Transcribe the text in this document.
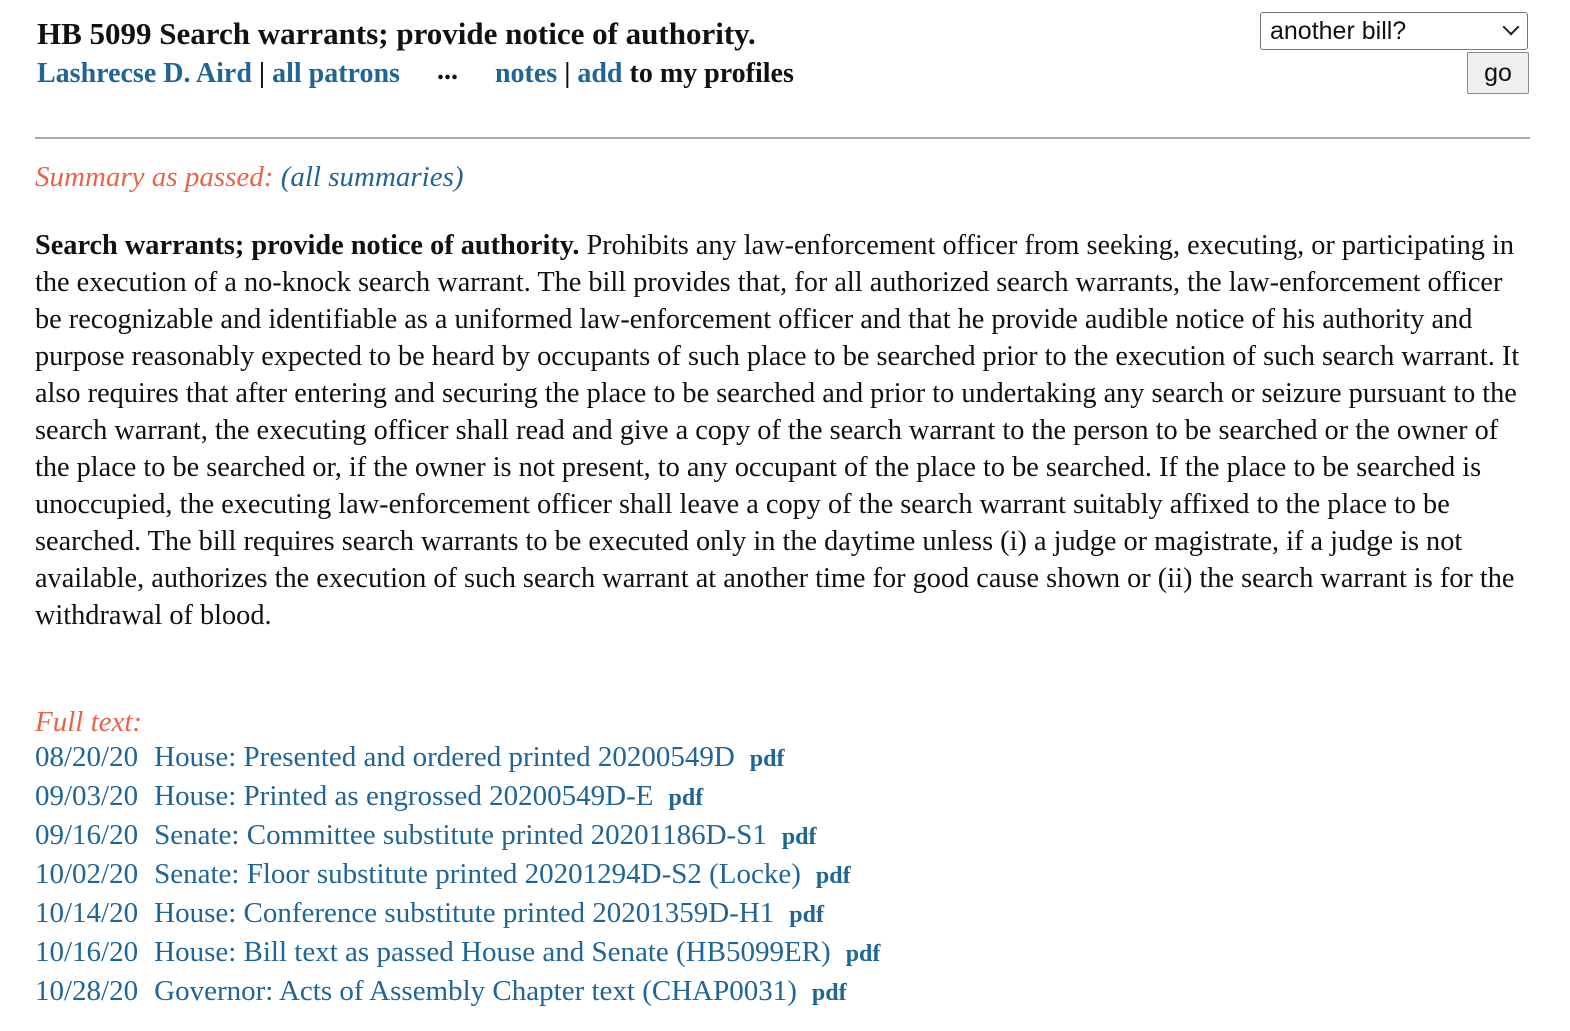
HB 5099 Search warrants; provide notice of authority.
Lashrecse D. Aird | all patrons ... notes | add to my profiles
another bill?
go
Summary as passed: (all summaries)

Search warrants; provide notice of authority. Prohibits any law-enforcement officer from seeking, executing, or participating in the execution of a no-knock search warrant. The bill provides that, for all authorized search warrants, the law-enforcement officer be recognizable and identifiable as a uniformed law-enforcement officer and that he provide audible notice of his authority and purpose reasonably expected to be heard by occupants of such place to be searched prior to the execution of such search warrant. It also requires that after entering and securing the place to be searched and prior to undertaking any search or seizure pursuant to the search warrant, the executing officer shall read and give a copy of the search warrant to the person to be searched or the owner of the place to be searched or, if the owner is not present, to any occupant of the place to be searched. If the place to be searched is unoccupied, the executing law-enforcement officer shall leave a copy of the search warrant suitably affixed to the place to be searched. The bill requires search warrants to be executed only in the daytime unless (i) a judge or magistrate, if a judge is not available, authorizes the execution of such search warrant at another time for good cause shown or (ii) the search warrant is for the withdrawal of blood.

Full text:
08/20/20 House: Presented and ordered printed 20200549D pdf
09/03/20 House: Printed as engrossed 20200549D-E pdf
09/16/20 Senate: Committee substitute printed 20201186D-S1 pdf
10/02/20 Senate: Floor substitute printed 20201294D-S2 (Locke) pdf
10/14/20 House: Conference substitute printed 20201359D-H1 pdf
10/16/20 House: Bill text as passed House and Senate (HB5099ER) pdf
10/28/20 Governor: Acts of Assembly Chapter text (CHAP0031) pdf
